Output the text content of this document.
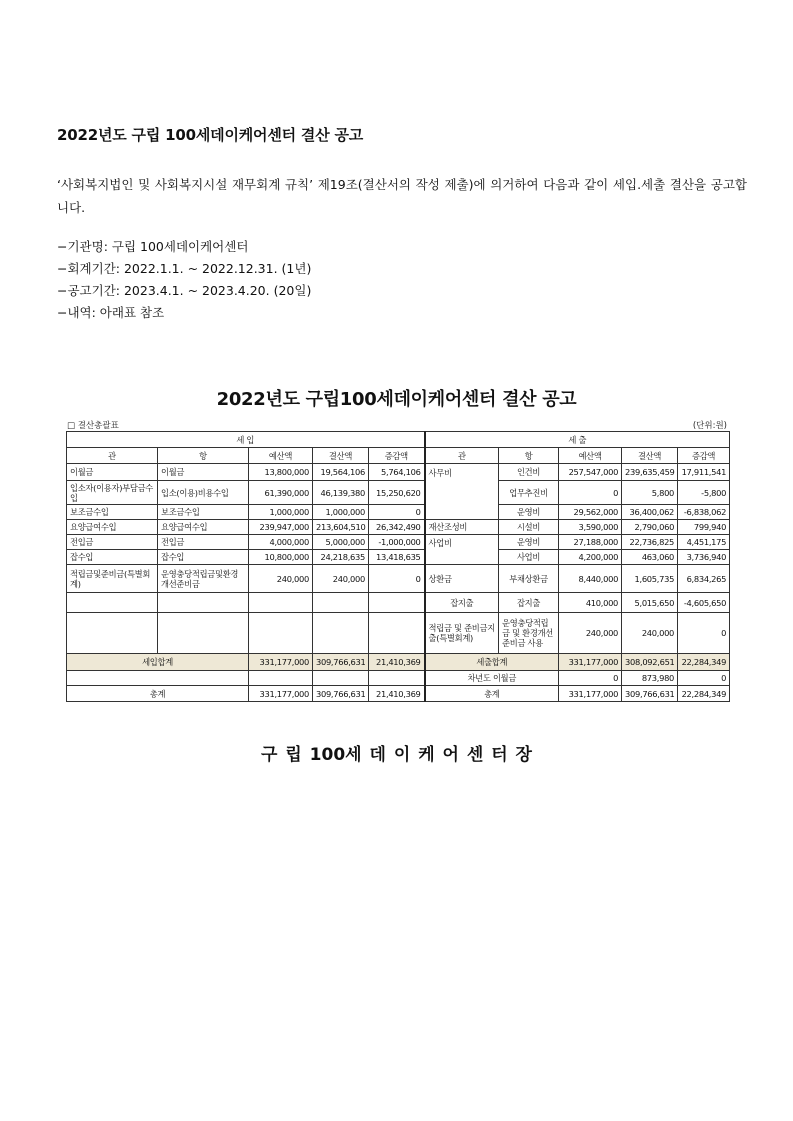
2022년도 구립 100세데이케어센터 결산 공고
‘사회복지법인 및 사회복지시설 재무회계 규칙’ 제19조(결산서의 작성 제출)에 의거하여 다음과 같이 세입.세출 결산을 공고합니다.
−기관명: 구립 100세데이케어센터
−회계기간: 2022.1.1. ~ 2022.12.31. (1년)
−공고기간: 2023.4.1. ~ 2023.4.20. (20일)
−내역: 아래표 참조
2022년도 구립100세데이케어센터 결산 공고
□ 결산총괄표	(단위:원)
세 입					세 출				
관	항	예산액	결산액	증감액	관	항	예산액	결산액	증감액
이월금	이월금	13,800,000	19,564,106	5,764,106	사무비	인건비	257,547,000	239,635,459	17,911,541
입소자(이용자)부담금수입	입소(이용)비용수입	61,390,000	46,139,380	15,250,620		업무추진비	0	5,800	-5,800
보조금수입	보조금수입	1,000,000	1,000,000	0		운영비	29,562,000	36,400,062	-6,838,062
요양급여수입	요양급여수입	239,947,000	213,604,510	26,342,490	재산조성비	시설비	3,590,000	2,790,060	799,940
전입금	전입금	4,000,000	5,000,000	-1,000,000	사업비	운영비	27,188,000	22,736,825	4,451,175
잡수입	잡수입	10,800,000	24,218,635	13,418,635		사업비	4,200,000	463,060	3,736,940
적립금및준비금(특별회계)	운영충당적립금및환경개선준비금	240,000	240,000	0	상환금	부채상환금	8,440,000	1,605,735	6,834,265
					잡지출	잡지출	410,000	5,015,650	-4,605,650
					적립금 및 준비금지출(특별회계)	운영충당적립금 및 환경개선준비금 사용	240,000	240,000	0
세입합계		331,177,000	309,766,631	21,410,369	세출합계		331,177,000	308,092,651	22,284,349
					차년도 이월금		0	873,980	0
총계		331,177,000	309,766,631	21,410,369	총계		331,177,000	309,766,631	22,284,349
구 립 100세 데 이 케 어 센 터 장
